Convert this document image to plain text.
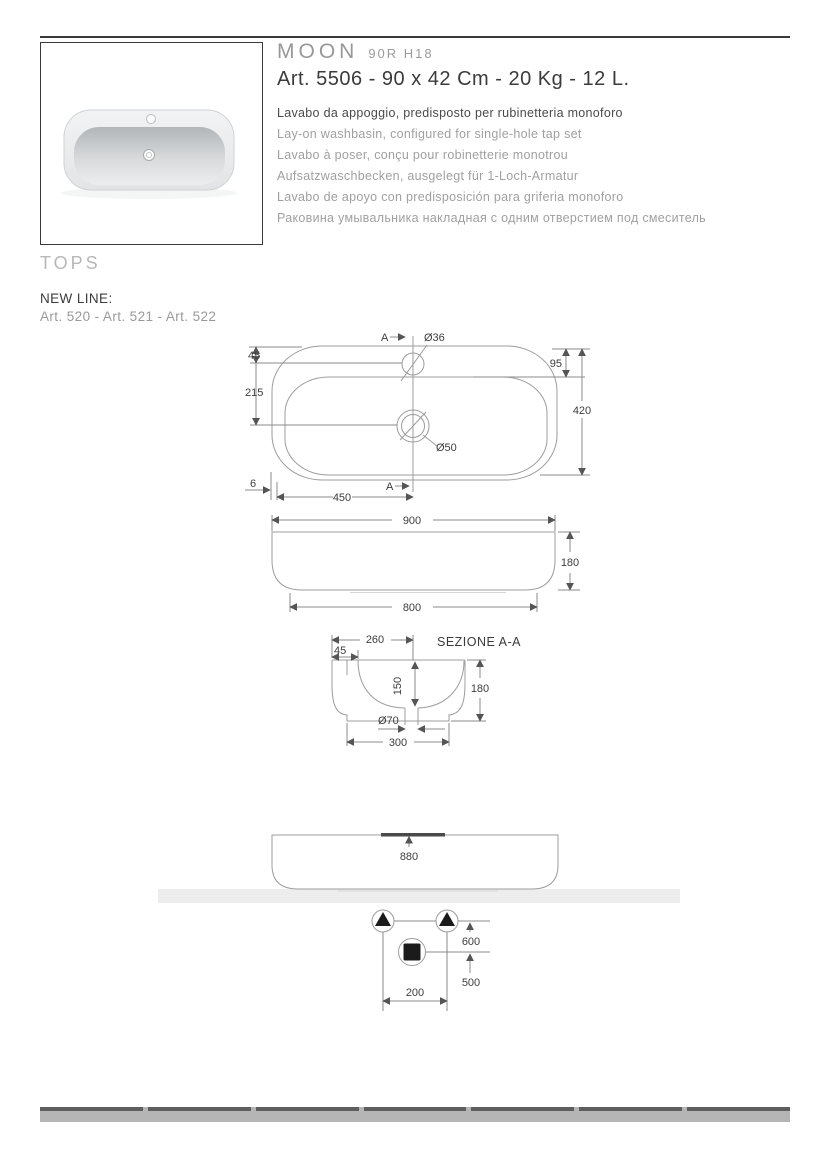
MOON 90R H18
Art. 5506 - 90 x 42 Cm - 20 Kg - 12 L.
Lavabo da appoggio, predisposto per rubinetteria monoforo
Lay-on washbasin, configured for single-hole tap set
Lavabo à poser, conçu pour robinetterie monotrou
Aufsatzwaschbecken, ausgelegt für 1-Loch-Armatur
Lavabo de apoyo con predisposición para griferia monoforo
Раковина умывальника накладная с одним отверстием под смеситель
TOPS
NEW LINE:
Art. 520 - Art. 521 - Art. 522
A	Ø36
Ø50
45
215
95
420
6
450
A
900
180
800
SEZIONE A-A
260
45
150	180
Ø70
300
880
600
500
200
